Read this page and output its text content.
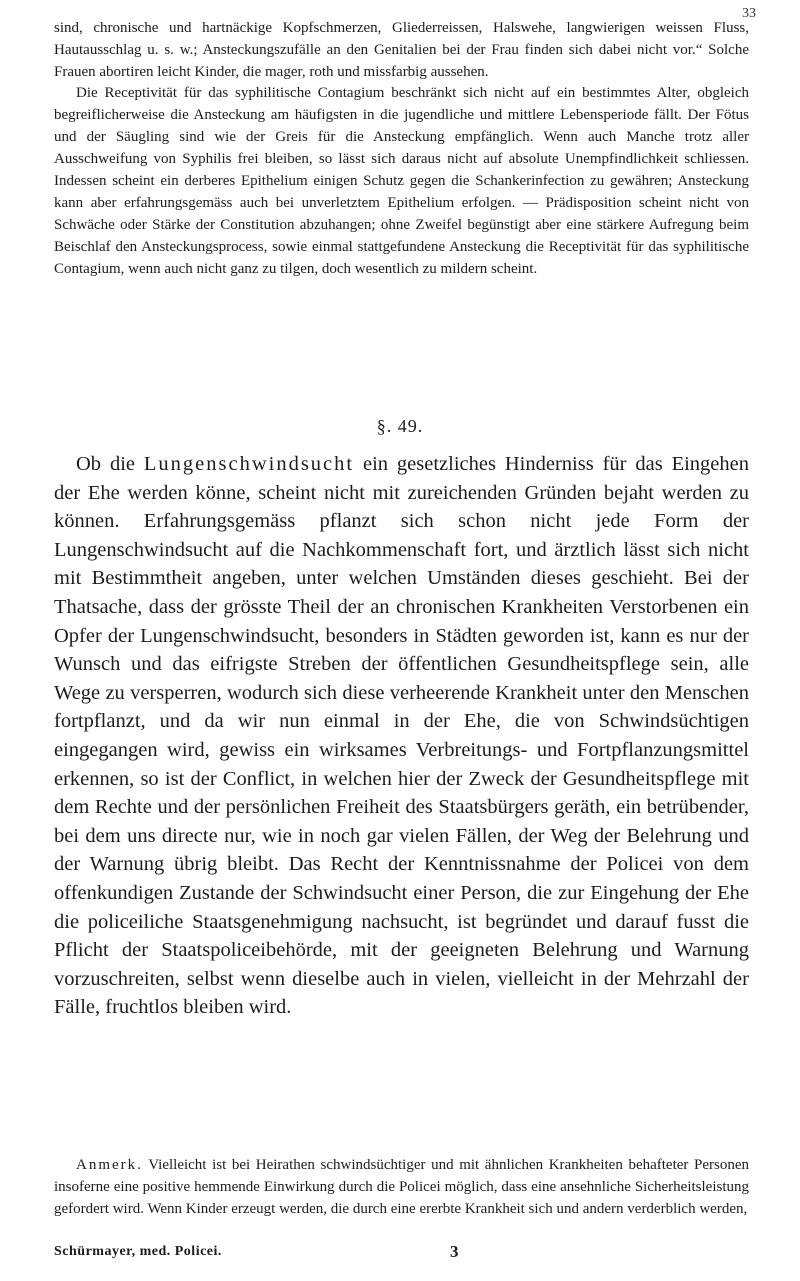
33
sind, chronische und hartnäckige Kopfschmerzen, Gliederreissen, Halswehe, langwierigen weissen Fluss, Hautausschlag u. s. w.; Ansteckungszufälle an den Genitalien bei der Frau finden sich dabei nicht vor.“ Solche Frauen abortiren leicht Kinder, die mager, roth und missfarbig aussehen.
Die Receptivität für das syphilitische Contagium beschränkt sich nicht auf ein bestimmtes Alter, obgleich begreiflicherweise die Ansteckung am häufigsten in die jugendliche und mittlere Lebensperiode fällt. Der Fötus und der Säugling sind wie der Greis für die Ansteckung empfänglich. Wenn auch Manche trotz aller Ausschweifung von Syphilis frei bleiben, so lässt sich daraus nicht auf absolute Unempfindlichkeit schliessen. Indessen scheint ein derberes Epithelium einigen Schutz gegen die Schankerinfection zu gewähren; Ansteckung kann aber erfahrungsgemäss auch bei unverletztem Epithelium erfolgen. — Prädisposition scheint nicht von Schwäche oder Stärke der Constitution abzuhangen; ohne Zweifel begünstigt aber eine stärkere Aufregung beim Beischlaf den Ansteckungsprocess, sowie einmal stattgefundene Ansteckung die Receptivität für das syphilitische Contagium, wenn auch nicht ganz zu tilgen, doch wesentlich zu mildern scheint.
§. 49.
Ob die Lungenschwindsucht ein gesetzliches Hinderniss für das Eingehen der Ehe werden könne, scheint nicht mit zureichenden Gründen bejaht werden zu können. Erfahrungsgemäss pflanzt sich schon nicht jede Form der Lungenschwindsucht auf die Nachkommenschaft fort, und ärztlich lässt sich nicht mit Bestimmtheit angeben, unter welchen Umständen dieses geschieht. Bei der Thatsache, dass der grösste Theil der an chronischen Krankheiten Verstorbenen ein Opfer der Lungenschwindsucht, besonders in Städten geworden ist, kann es nur der Wunsch und das eifrigste Streben der öffentlichen Gesundheitspflege sein, alle Wege zu versperren, wodurch sich diese verheerende Krankheit unter den Menschen fortpflanzt, und da wir nun einmal in der Ehe, die von Schwindsüchtigen eingegangen wird, gewiss ein wirksames Verbreitungs- und Fortpflanzungsmittel erkennen, so ist der Conflict, in welchen hier der Zweck der Gesundheitspflege mit dem Rechte und der persönlichen Freiheit des Staatsbürgers geräth, ein betrübender, bei dem uns directe nur, wie in noch gar vielen Fällen, der Weg der Belehrung und der Warnung übrig bleibt. Das Recht der Kenntnissnahme der Policei von dem offenkundigen Zustande der Schwindsucht einer Person, die zur Eingehung der Ehe die policeiliche Staatsgenehmigung nachsucht, ist begründet und darauf fusst die Pflicht der Staatspoliceibehörde, mit der geeigneten Belehrung und Warnung vorzuschreiten, selbst wenn dieselbe auch in vielen, vielleicht in der Mehrzahl der Fälle, fruchtlos bleiben wird.
Anmerk. Vielleicht ist bei Heirathen schwindsüchtiger und mit ähnlichen Krankheiten behafteter Personen insoferne eine positive hemmende Einwirkung durch die Policei möglich, dass eine ansehnliche Sicherheitsleistung gefordert wird. Wenn Kinder erzeugt werden, die durch eine ererbte Krankheit sich und andern verderblich werden,
Schürmayer, med. Policei.	3
